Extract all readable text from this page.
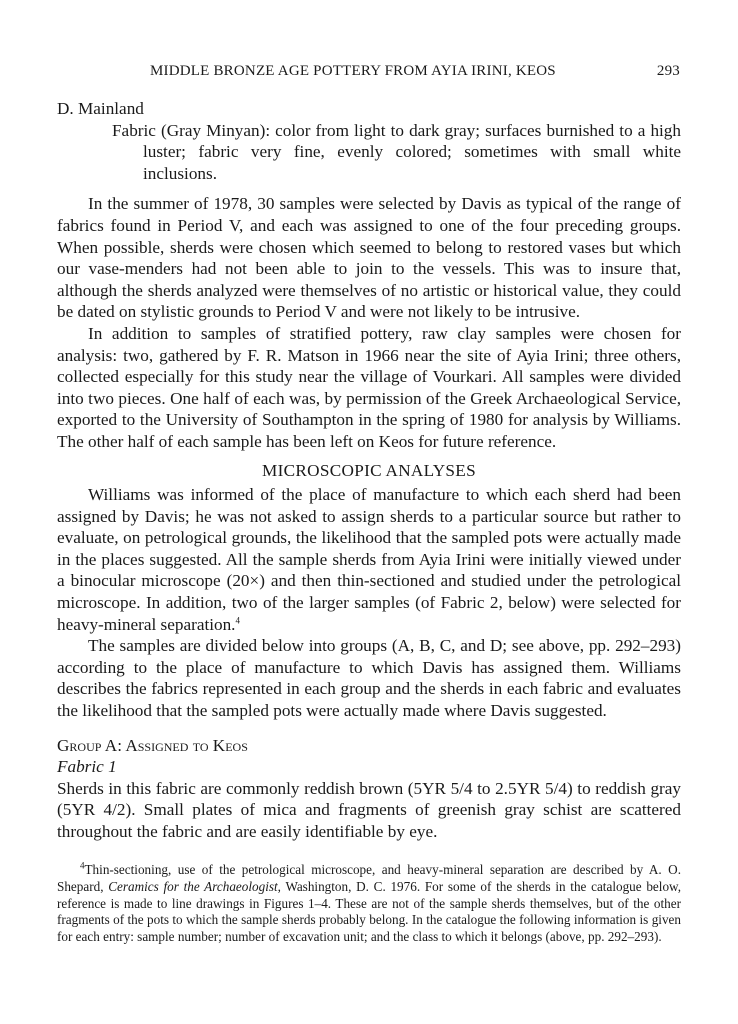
MIDDLE BRONZE AGE POTTERY FROM AYIA IRINI, KEOS	293

D. Mainland

Fabric (Gray Minyan): color from light to dark gray; surfaces burnished to a high luster; fabric very fine, evenly colored; sometimes with small white inclusions.

In the summer of 1978, 30 samples were selected by Davis as typical of the range of fabrics found in Period V, and each was assigned to one of the four preceding groups. When possible, sherds were chosen which seemed to belong to restored vases but which our vase-menders had not been able to join to the vessels. This was to insure that, although the sherds analyzed were themselves of no artistic or historical value, they could be dated on stylistic grounds to Period V and were not likely to be intrusive.

In addition to samples of stratified pottery, raw clay samples were chosen for analysis: two, gathered by F. R. Matson in 1966 near the site of Ayia Irini; three others, collected especially for this study near the village of Vourkari. All samples were divided into two pieces. One half of each was, by permission of the Greek Archaeological Service, exported to the University of Southampton in the spring of 1980 for analysis by Williams. The other half of each sample has been left on Keos for future reference.

MICROSCOPIC ANALYSES

Williams was informed of the place of manufacture to which each sherd had been assigned by Davis; he was not asked to assign sherds to a particular source but rather to evaluate, on petrological grounds, the likelihood that the sampled pots were actually made in the places suggested. All the sample sherds from Ayia Irini were initially viewed under a binocular microscope (20×) and then thin-sectioned and studied under the petrological microscope. In addition, two of the larger samples (of Fabric 2, below) were selected for heavy-mineral separation.$^4$

The samples are divided below into groups (A, B, C, and D; see above, pp. 292–293) according to the place of manufacture to which Davis has assigned them. Williams describes the fabrics represented in each group and the sherds in each fabric and evaluates the likelihood that the sampled pots were actually made where Davis suggested.

Group A: Assigned to Keos

Fabric 1

Sherds in this fabric are commonly reddish brown (5YR 5/4 to 2.5YR 5/4) to reddish gray (5YR 4/2). Small plates of mica and fragments of greenish gray schist are scattered throughout the fabric and are easily identifiable by eye.

$^4$Thin-sectioning, use of the petrological microscope, and heavy-mineral separation are described by A. O. Shepard, Ceramics for the Archaeologist, Washington, D. C. 1976. For some of the sherds in the catalogue below, reference is made to line drawings in Figures 1–4. These are not of the sample sherds themselves, but of the other fragments of the pots to which the sample sherds probably belong. In the catalogue the following information is given for each entry: sample number; number of excavation unit; and the class to which it belongs (above, pp. 292–293).
